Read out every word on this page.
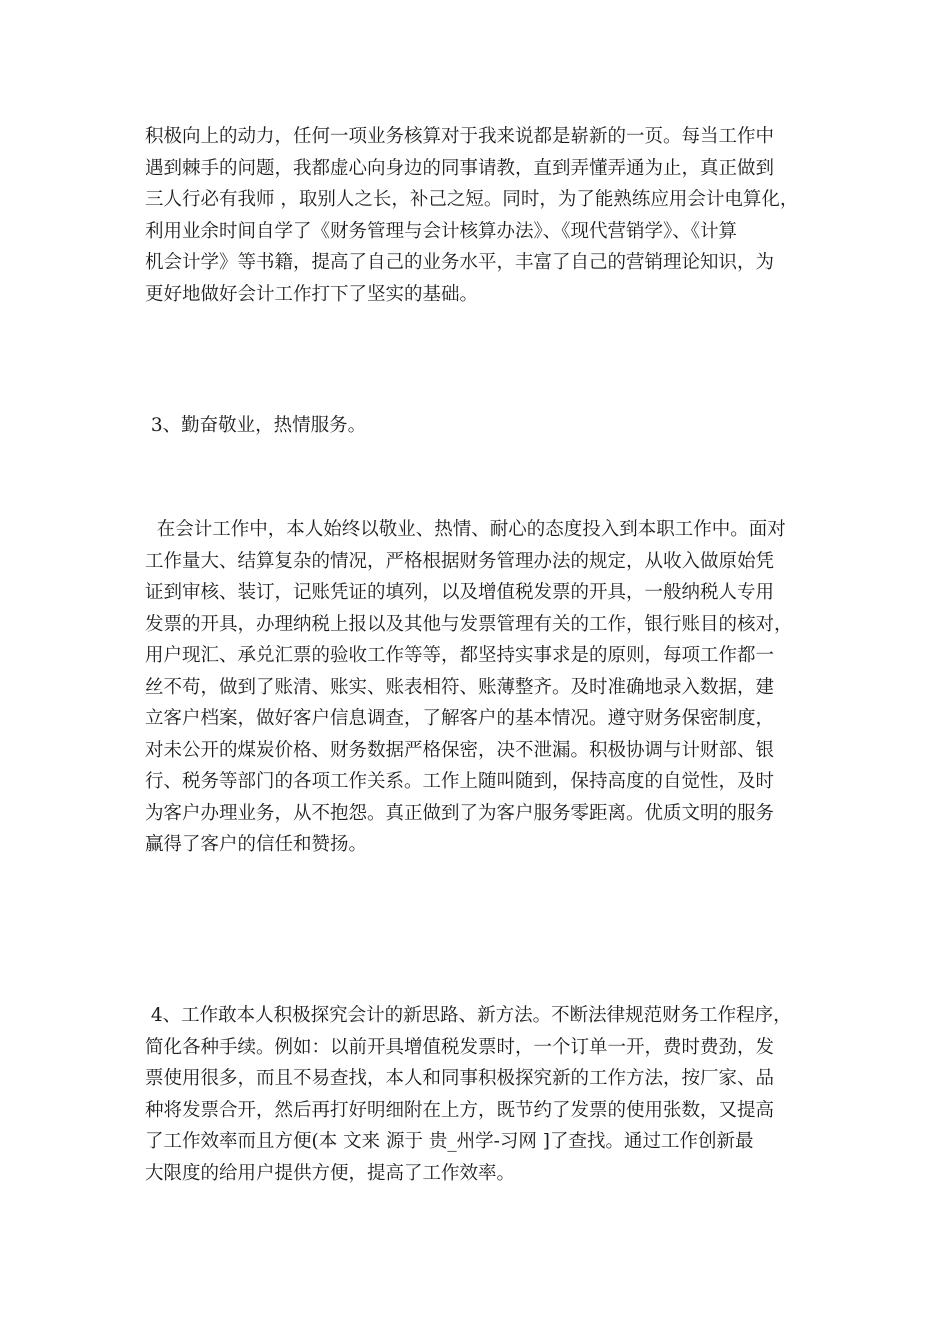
积极向上的动力，任何一项业务核算对于我来说都是崭新的一页。每当工作中
遇到棘手的问题，我都虚心向身边的同事请教，直到弄懂弄通为止，真正做到
三人行必有我师 ，取别人之长，补己之短。同时，为了能熟练应用会计电算化，
利用业余时间自学了《财务管理与会计核算办法》、《现代营销学》、《计算
机会计学》等书籍，提高了自己的业务水平，丰富了自己的营销理论知识，为
更好地做好会计工作打下了坚实的基础。
3、勤奋敬业，热情服务。
在会计工作中，本人始终以敬业、热情、耐心的态度投入到本职工作中。面对
工作量大、结算复杂的情况，严格根据财务管理办法的规定，从收入做原始凭
证到审核、装订，记账凭证的填列，以及增值税发票的开具，一般纳税人专用
发票的开具，办理纳税上报以及其他与发票管理有关的工作，银行账目的核对，
用户现汇、承兑汇票的验收工作等等，都坚持实事求是的原则，每项工作都一
丝不苟，做到了账清、账实、账表相符、账薄整齐。及时准确地录入数据，建
立客户档案，做好客户信息调查，了解客户的基本情况。遵守财务保密制度，
对未公开的煤炭价格、财务数据严格保密，决不泄漏。积极协调与计财部、银
行、税务等部门的各项工作关系。工作上随叫随到，保持高度的自觉性，及时
为客户办理业务，从不抱怨。真正做到了为客户服务零距离。优质文明的服务
赢得了客户的信任和赞扬。
4、工作敢本人积极探究会计的新思路、新方法。不断法律规范财务工作程序，
简化各种手续。例如：以前开具增值税发票时，一个订单一开，费时费劲，发
票使用很多，而且不易查找，本人和同事积极探究新的工作方法，按厂家、品
种将发票合开，然后再打好明细附在上方，既节约了发票的使用张数，又提高
了工作效率而且方便(本 文来 源于 贵_州学-习网 ]了查找。通过工作创新最
大限度的给用户提供方便，提高了工作效率。
